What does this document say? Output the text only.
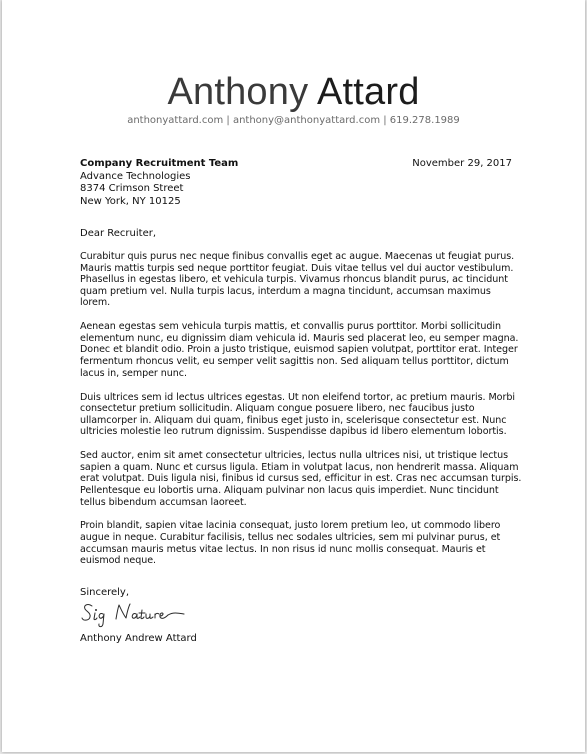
Anthony Attard
anthonyattard.com | anthony@anthonyattard.com | 619.278.1989
Company Recruitment Team
Advance Technologies
8374 Crimson Street
New York, NY 10125
November 29, 2017
Dear Recruiter,

Curabitur quis purus nec neque finibus convallis eget ac augue. Maecenas ut feugiat purus. Mauris mattis turpis sed neque porttitor feugiat. Duis vitae tellus vel dui auctor vestibulum. Phasellus in egestas libero, et vehicula turpis. Vivamus rhoncus blandit purus, ac tincidunt quam pretium vel. Nulla turpis lacus, interdum a magna tincidunt, accumsan maximus lorem.

Aenean egestas sem vehicula turpis mattis, et convallis purus porttitor. Morbi sollicitudin elementum nunc, eu dignissim diam vehicula id. Mauris sed placerat leo, eu semper magna. Donec et blandit odio. Proin a justo tristique, euismod sapien volutpat, porttitor erat. Integer fermentum rhoncus velit, eu semper velit sagittis non. Sed aliquam tellus porttitor, dictum lacus in, semper nunc.

Duis ultrices sem id lectus ultrices egestas. Ut non eleifend tortor, ac pretium mauris. Morbi consectetur pretium sollicitudin. Aliquam congue posuere libero, nec faucibus justo ullamcorper in. Aliquam dui quam, finibus eget justo in, scelerisque consectetur est. Nunc ultricies molestie leo rutrum dignissim. Suspendisse dapibus id libero elementum lobortis.

Sed auctor, enim sit amet consectetur ultricies, lectus nulla ultrices nisi, ut tristique lectus sapien a quam. Nunc et cursus ligula. Etiam in volutpat lacus, non hendrerit massa. Aliquam erat volutpat. Duis ligula nisi, finibus id cursus sed, efficitur in est. Cras nec accumsan turpis. Pellentesque eu lobortis urna. Aliquam pulvinar non lacus quis imperdiet. Nunc tincidunt tellus bibendum accumsan laoreet.

Proin blandit, sapien vitae lacinia consequat, justo lorem pretium leo, ut commodo libero augue in neque. Curabitur facilisis, tellus nec sodales ultricies, sem mi pulvinar purus, et accumsan mauris metus vitae lectus. In non risus id nunc mollis consequat. Mauris et euismod neque.

Sincerely,
Anthony Andrew Attard
